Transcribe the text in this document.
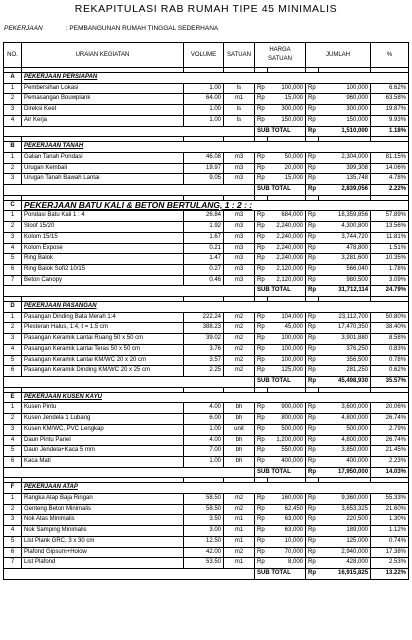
REKAPITULASI RAB RUMAH TIPE 45 MINIMALIS
PEKERJAAN	: PEMBANGUNAN RUMAH TINGGAL SEDERHANA
NO.	URAIAN KEGIATAN	VOLUME	SATUAN	HARGA SATUAN		JUMLAH		%

A	PEKERJAAN PERSIAPAN							
1	Pembersihan Lokasi	1.00	ls	Rp	100,000	Rp	100,000	6.62%
2	Pemasangan Bouwplank	64.00	m1	Rp	15,000	Rp	960,000	63.58%
3	Direksi Keet	1.00	ls	Rp	300,000	Rp	300,000	19.87%
4	Air Kerja	1.00	ls	Rp	150,000	Rp	150,000	9.93%
				SUB TOTAL		Rp	1,510,000	1.18%

B	PEKERJAAN TANAH							
1	Galian Tanah Pondasi	46.08	m3	Rp	50,000	Rp	2,304,000	81.15%
2	Urugan Kembali	19.97	m3	Rp	20,000	Rp	399,308	14.06%
3	Urugan Tanah Bawah Lantai	9.05	m3	Rp	15,000	Rp	135,748	4.78%
				SUB TOTAL		Rp	2,839,056	2.22%

C	PEKERJAAN BATU KALI & BETON BERTULANG, 1 : 2 : :							
1	Pondasi Batu Kali 1 : 4	26.84	m3	Rp	684,000	Rp	18,359,856	57.89%
2	Sloof 15/20	1.92	m3	Rp	2,240,000	Rp	4,300,800	13.56%
3	Kolom 15/15	1.67	m3	Rp	2,240,000	Rp	3,744,720	11.81%
4	Kolom Expose	0.21	m3	Rp	2,240,000	Rp	478,800	1.51%
5	Ring Balok	1.47	m3	Rp	2,240,000	Rp	3,281,600	10.35%
6	Ring Balok Sofi2 10/15	0.27	m3	Rp	2,120,000	Rp	566,040	1.78%
7	Beton Canopy	0.46	m3	Rp	2,120,000	Rp	980,500	3.09%
				SUB TOTAL		Rp	31,712,114	24.79%

D	PEKERJAAN PASANGAN							
1	Pasangan Dinding Bata Merah 1:4	222.24	m2	Rp	104,000	Rp	23,112,700	50.80%
2	Plesteran Halus, 1:4, t = 1.5 cm	388.23	m2	Rp	45,000	Rp	17,470,350	38.40%
3	Pasangan Keramik Lantai Ruang 50 x 50 cm	39.02	m2	Rp	100,000	Rp	3,901,880	8.58%
4	Pasangan Keramik Lantai Teras 50 x 50 cm	3.76	m2	Rp	100,000	Rp	376,250	0.83%
5	Pasangan Keramik Lantai KM/WC 20 x 20 cm	3.57	m2	Rp	100,000	Rp	356,500	0.78%
6	Pasangan Keramik Dinding KM/WC 20 x 25 cm	2.25	m2	Rp	125,000	Rp	281,250	0.62%
				SUB TOTAL		Rp	45,498,930	35.57%

E	PEKERJAAN KUSEN KAYU							
1	Kusen Pintu	4.00	bh	Rp	900,000	Rp	3,600,000	20.06%
2	Kusen Jendela 1 Lubang	6.00	bh	Rp	800,000	Rp	4,800,000	26.74%
3	Kusen KM/WC, PVC Lengkap	1.00	unit	Rp	500,000	Rp	500,000	2.79%
4	Daun Pintu Panel	4.00	bh	Rp	1,200,000	Rp	4,800,000	26.74%
5	Daun Jendela+Kaca 5 mm	7.00	bh	Rp	550,000	Rp	3,850,000	21.45%
6	Kaca Mati	1.00	bh	Rp	400,000	Rp	400,000	2.23%
				SUB TOTAL		Rp	17,950,000	14.03%

F	PEKERJAAN ATAP							
1	Rangka Atap Baja Ringan	58.50	m2	Rp	160,000	Rp	9,360,000	55.33%
2	Genteng Beton Minimalis	58.50	m2	Rp	62,450	Rp	3,653,325	21.60%
3	Nok Atas Minimalis	3.50	m1	Rp	63,000	Rp	220,500	1.30%
4	Nok Samping Minimalis	3.00	m1	Rp	63,000	Rp	189,000	1.12%
5	List Plank GRC, 3 x 30 cm	12.50	m1	Rp	10,000	Rp	125,000	0.74%
6	Plafond Gipsum+Holow	42.00	m2	Rp	70,000	Rp	2,940,000	17.38%
7	List Plafond	53.50	m1	Rp	8,000	Rp	428,000	2.53%
				SUB TOTAL		Rp	16,915,825	13.22%
